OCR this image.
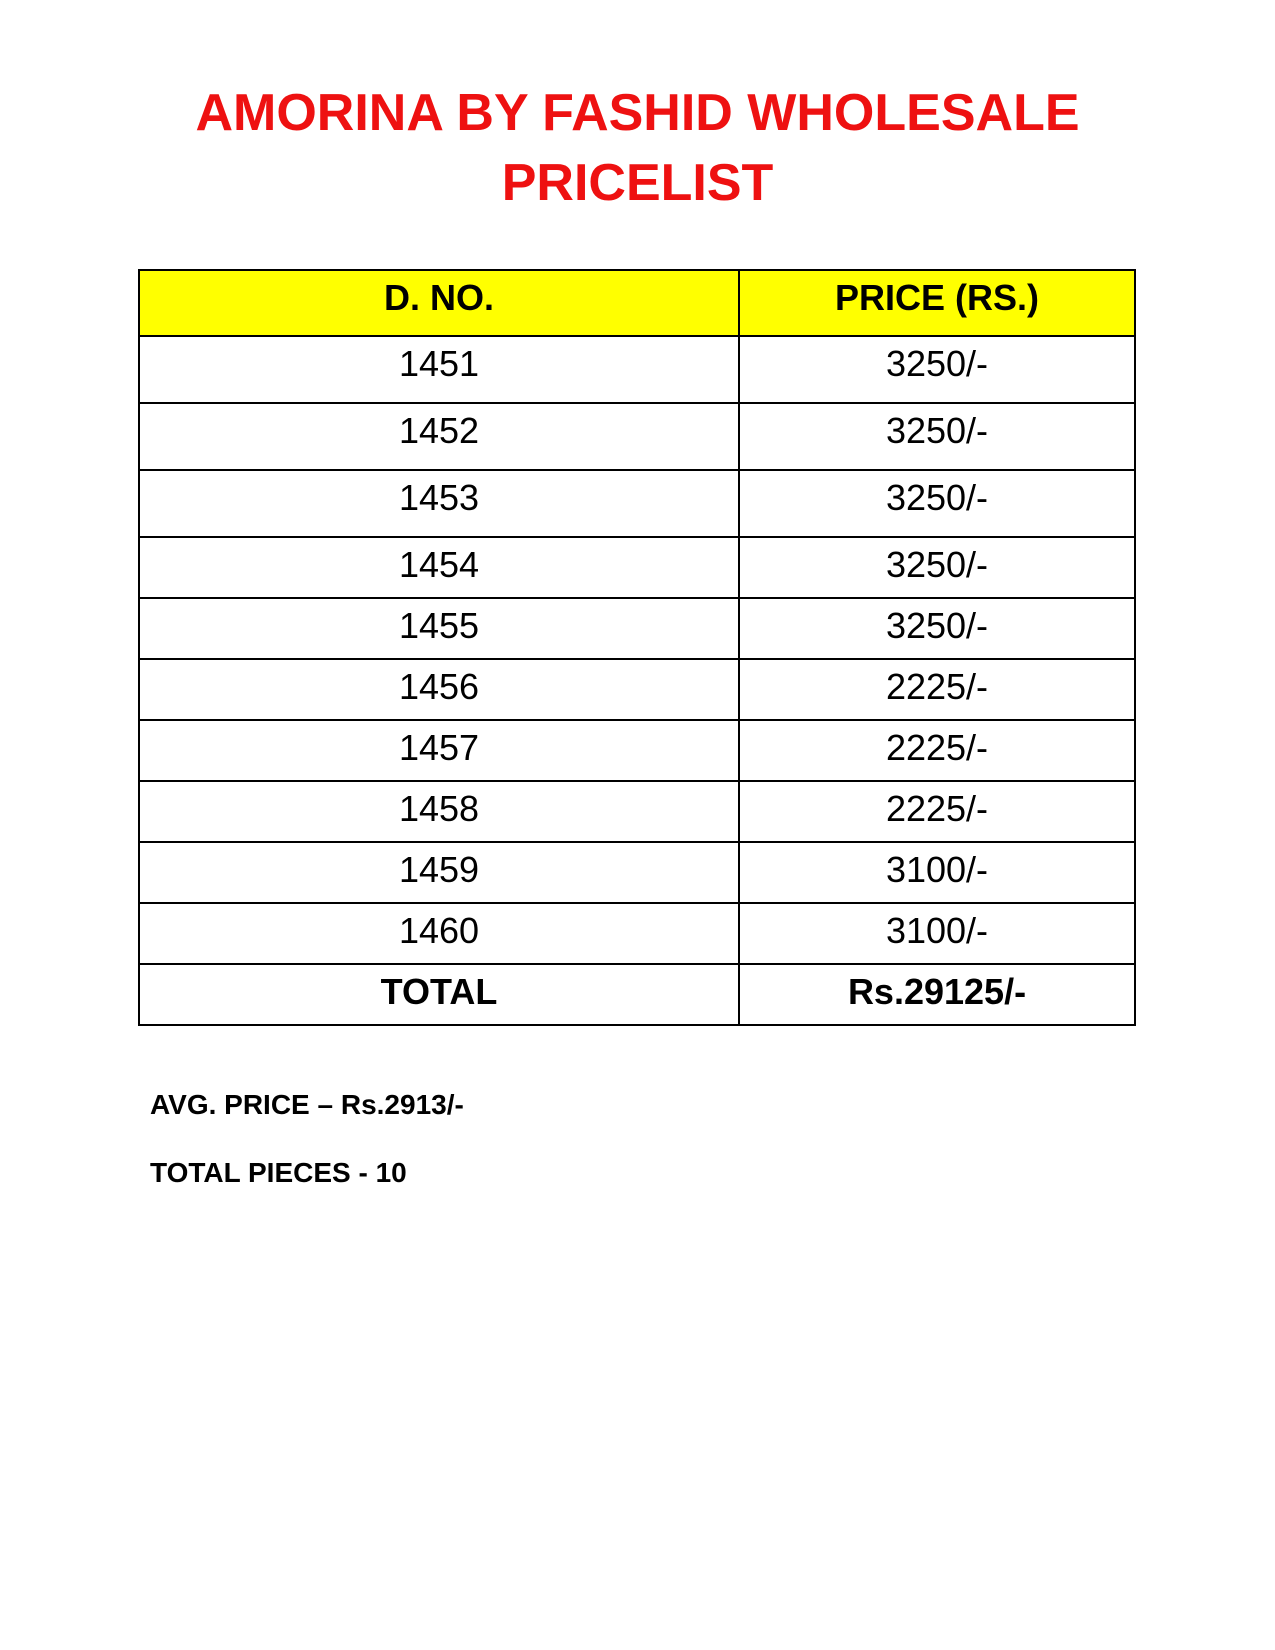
AMORINA BY FASHID WHOLESALE
PRICELIST
D. NO.	PRICE (RS.)
1451	3250/-
1452	3250/-
1453	3250/-
1454	3250/-
1455	3250/-
1456	2225/-
1457	2225/-
1458	2225/-
1459	3100/-
1460	3100/-
TOTAL	Rs.29125/-

AVG. PRICE – Rs.2913/-

TOTAL PIECES - 10
